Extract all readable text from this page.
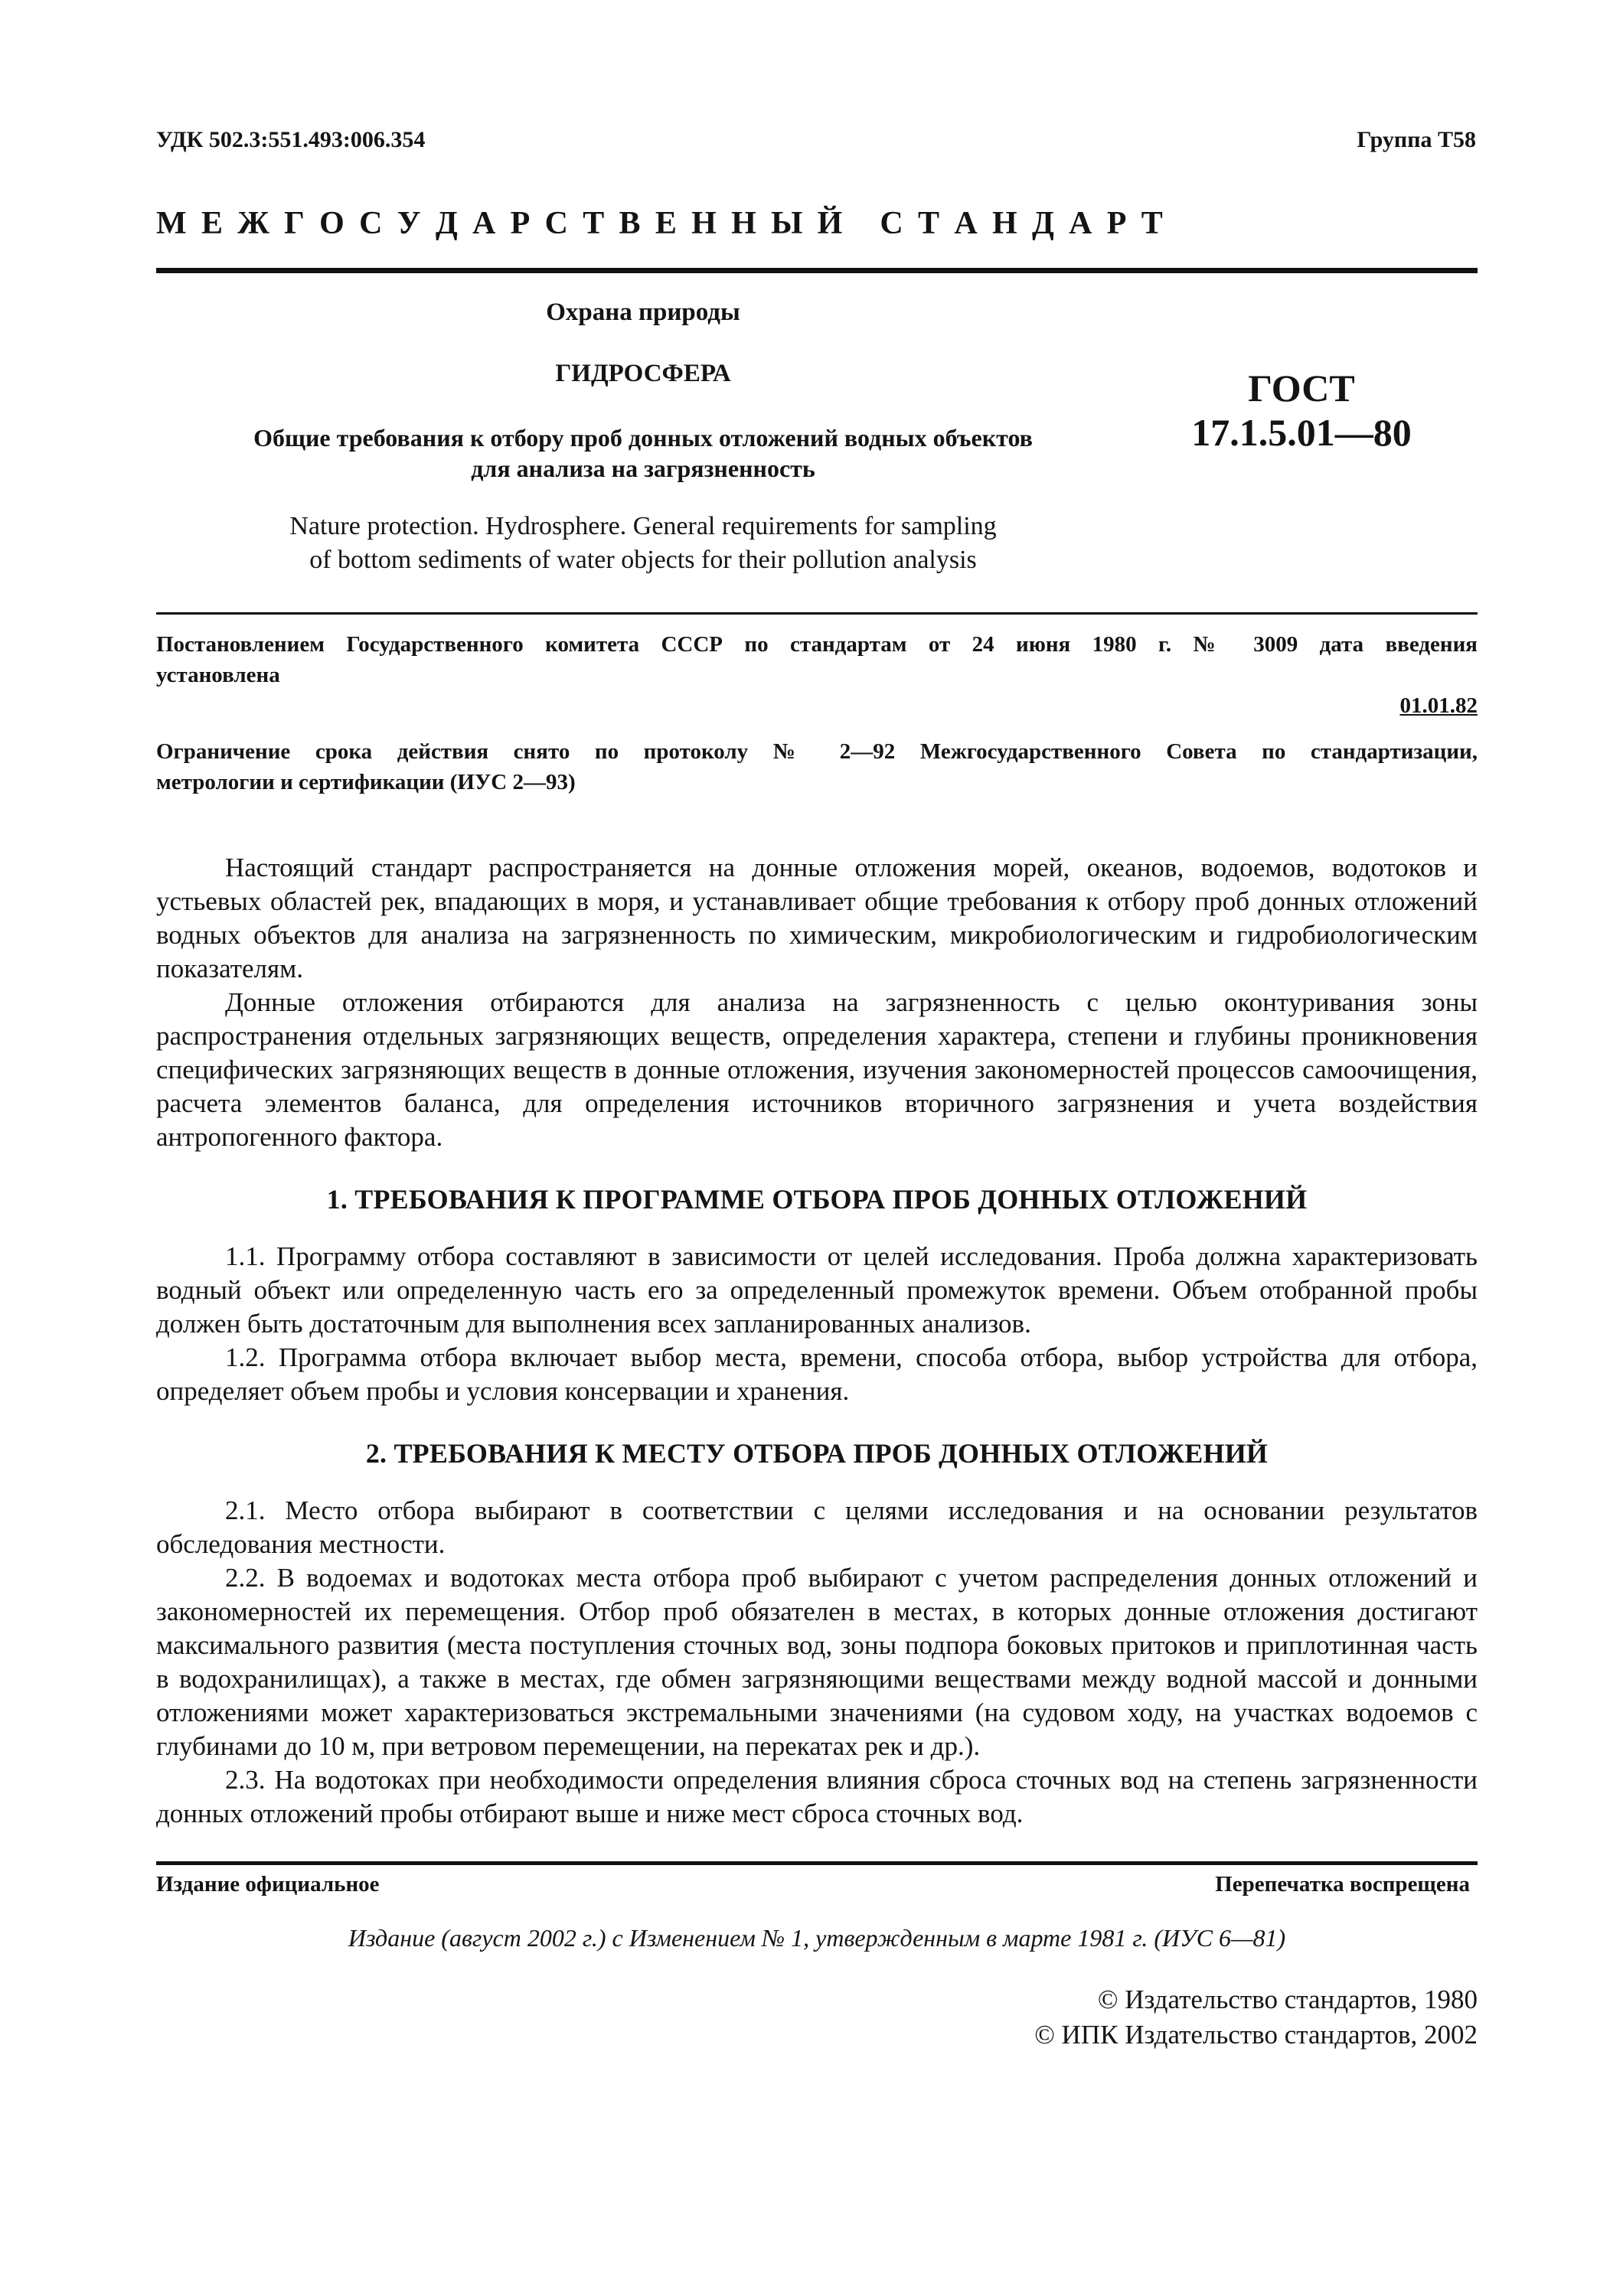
УДК 502.3:551.493:006.354	Группа Т58
М Е Ж Г О С У Д А Р С Т В Е Н Н Ы Й   С Т А Н Д А Р Т
Охрана природы
ГИДРОСФЕРА
Общие требования к отбору проб донных отложений водных объектов
для анализа на загрязненность
Nature protection. Hydrosphere. General requirements for sampling
of bottom sediments of water objects for their pollution analysis
ГОСТ
17.1.5.01—80
Постановлением Государственного комитета СССР по стандартам от 24 июня 1980 г. № 3009 дата введения
установлена
01.01.82
Ограничение срока действия снято по протоколу № 2—92 Межгосударственного Совета по стандартизации,
метрологии и сертификации (ИУС 2—93)

Настоящий стандарт распространяется на донные отложения морей, океанов, водоемов, водотоков и устьевых областей рек, впадающих в моря, и устанавливает общие требования к отбору проб донных отложений водных объектов для анализа на загрязненность по химическим, микробиологическим и гидробиологическим показателям.

Донные отложения отбираются для анализа на загрязненность с целью оконтуривания зоны распространения отдельных загрязняющих веществ, определения характера, степени и глубины проникновения специфических загрязняющих веществ в донные отложения, изучения закономерностей процессов самоочищения, расчета элементов баланса, для определения источников вторичного загрязнения и учета воздействия антропогенного фактора.

1. ТРЕБОВАНИЯ К ПРОГРАММЕ ОТБОРА ПРОБ ДОННЫХ ОТЛОЖЕНИЙ

1.1. Программу отбора составляют в зависимости от целей исследования. Проба должна характеризовать водный объект или определенную часть его за определенный промежуток времени. Объем отобранной пробы должен быть достаточным для выполнения всех запланированных анализов.

1.2. Программа отбора включает выбор места, времени, способа отбора, выбор устройства для отбора, определяет объем пробы и условия консервации и хранения.

2. ТРЕБОВАНИЯ К МЕСТУ ОТБОРА ПРОБ ДОННЫХ ОТЛОЖЕНИЙ

2.1. Место отбора выбирают в соответствии с целями исследования и на основании результатов обследования местности.

2.2. В водоемах и водотоках места отбора проб выбирают с учетом распределения донных отложений и закономерностей их перемещения. Отбор проб обязателен в местах, в которых донные отложения достигают максимального развития (места поступления сточных вод, зоны подпора боковых притоков и приплотинная часть в водохранилищах), а также в местах, где обмен загрязняющими веществами между водной массой и донными отложениями может характеризоваться экстремальными значениями (на судовом ходу, на участках водоемов с глубинами до 10 м, при ветровом перемещении, на перекатах рек и др.).

2.3. На водотоках при необходимости определения влияния сброса сточных вод на степень загрязненности донных отложений пробы отбирают выше и ниже мест сброса сточных вод.

Издание официальное	Перепечатка воспрещена
Издание (август 2002 г.) с Изменением № 1, утвержденным в марте 1981 г. (ИУС 6—81)
© Издательство стандартов, 1980
© ИПК Издательство стандартов, 2002
